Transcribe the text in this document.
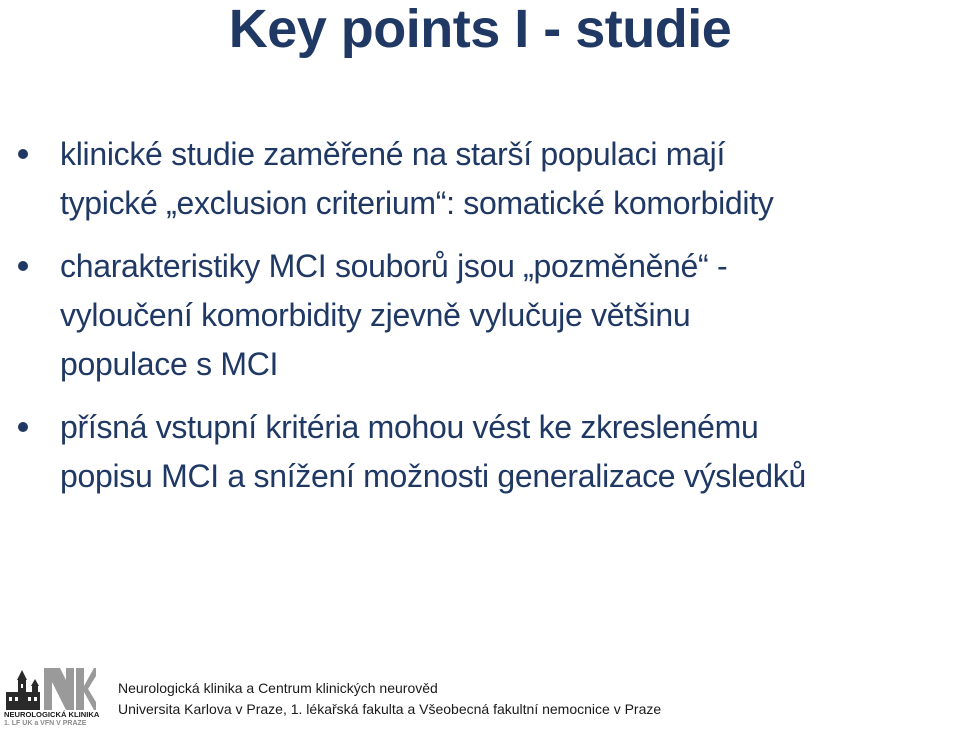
Key points I - studie
klinické studie zaměřené na starší populaci mají
typické „exclusion criterium“: somatické komorbidity
charakteristiky MCI souborů jsou „pozměněné“ -
vyloučení komorbidity zjevně vylučuje většinu
populace s MCI
přísná vstupní kritéria mohou vést ke zkreslenému
popisu MCI a snížení možnosti generalizace výsledků
NEUROLOGICKÁ KLINIKA
1. LF UK a VFN V PRAZE
Neurologická klinika a Centrum klinických neurověd
Universita Karlova v Praze, 1. lékařská fakulta a Všeobecná fakultní nemocnice v Praze
